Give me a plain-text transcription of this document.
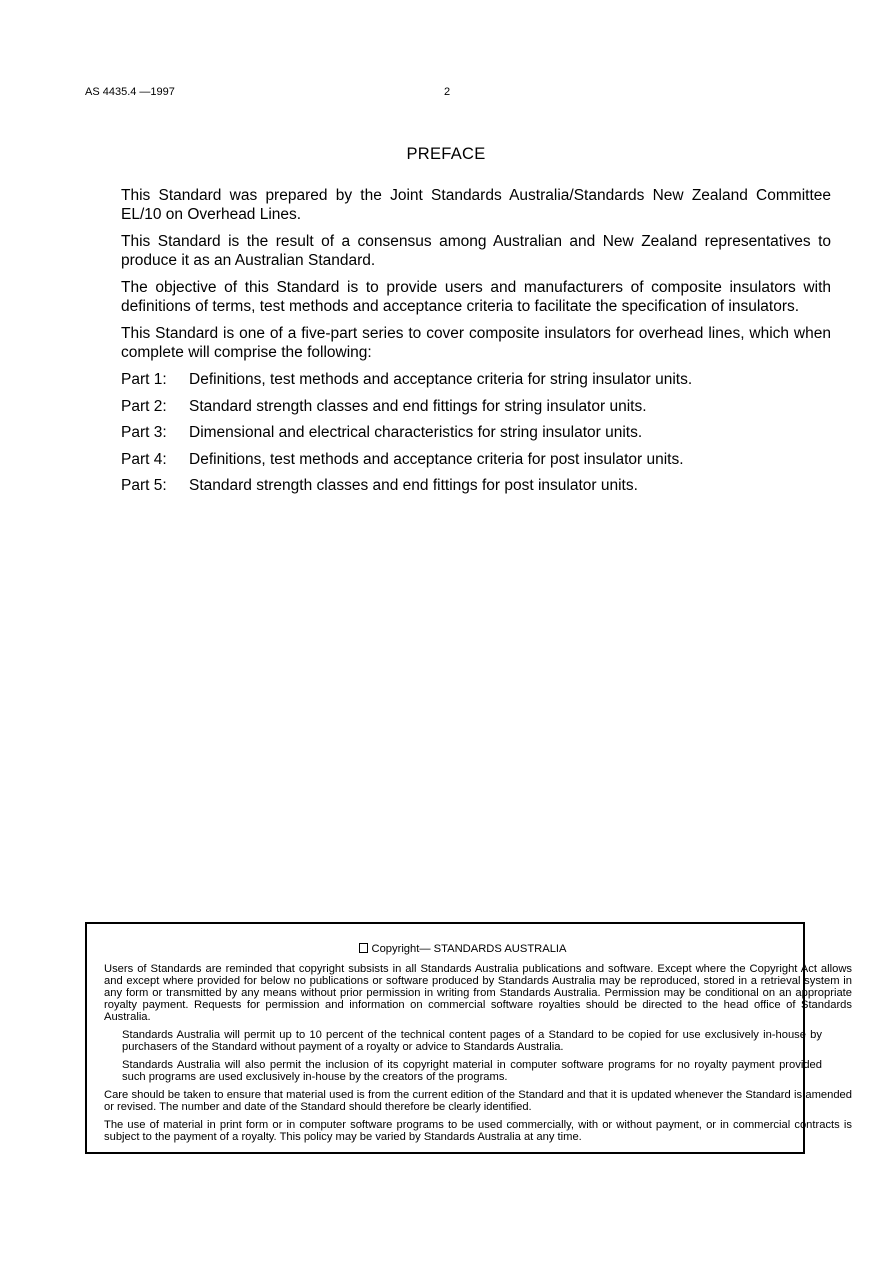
AS 4435.4 —1997	2
PREFACE

This Standard was prepared by the Joint Standards Australia/Standards New Zealand Committee EL/10 on Overhead Lines.

This Standard is the result of a consensus among Australian and New Zealand representatives to produce it as an Australian Standard.

The objective of this Standard is to provide users and manufacturers of composite insulators with definitions of terms, test methods and acceptance criteria to facilitate the specification of insulators.

This Standard is one of a five-part series to cover composite insulators for overhead lines, which when complete will comprise the following:

Part 1:	Definitions, test methods and acceptance criteria for string insulator units.
Part 2:	Standard strength classes and end fittings for string insulator units.
Part 3:	Dimensional and electrical characteristics for string insulator units.
Part 4:	Definitions, test methods and acceptance criteria for post insulator units.
Part 5:	Standard strength classes and end fittings for post insulator units.
Copyright— STANDARDS AUSTRALIA

Users of Standards are reminded that copyright subsists in all Standards Australia publications and software. Except where the Copyright Act allows and except where provided for below no publications or software produced by Standards Australia may be reproduced, stored in a retrieval system in any form or transmitted by any means without prior permission in writing from Standards Australia. Permission may be conditional on an appropriate royalty payment. Requests for permission and information on commercial software royalties should be directed to the head office of Standards Australia.

Standards Australia will permit up to 10 percent of the technical content pages of a Standard to be copied for use exclusively in-house by purchasers of the Standard without payment of a royalty or advice to Standards Australia.

Standards Australia will also permit the inclusion of its copyright material in computer software programs for no royalty payment provided such programs are used exclusively in-house by the creators of the programs.

Care should be taken to ensure that material used is from the current edition of the Standard and that it is updated whenever the Standard is amended or revised. The number and date of the Standard should therefore be clearly identified.

The use of material in print form or in computer software programs to be used commercially, with or without payment, or in commercial contracts is subject to the payment of a royalty. This policy may be varied by Standards Australia at any time.
